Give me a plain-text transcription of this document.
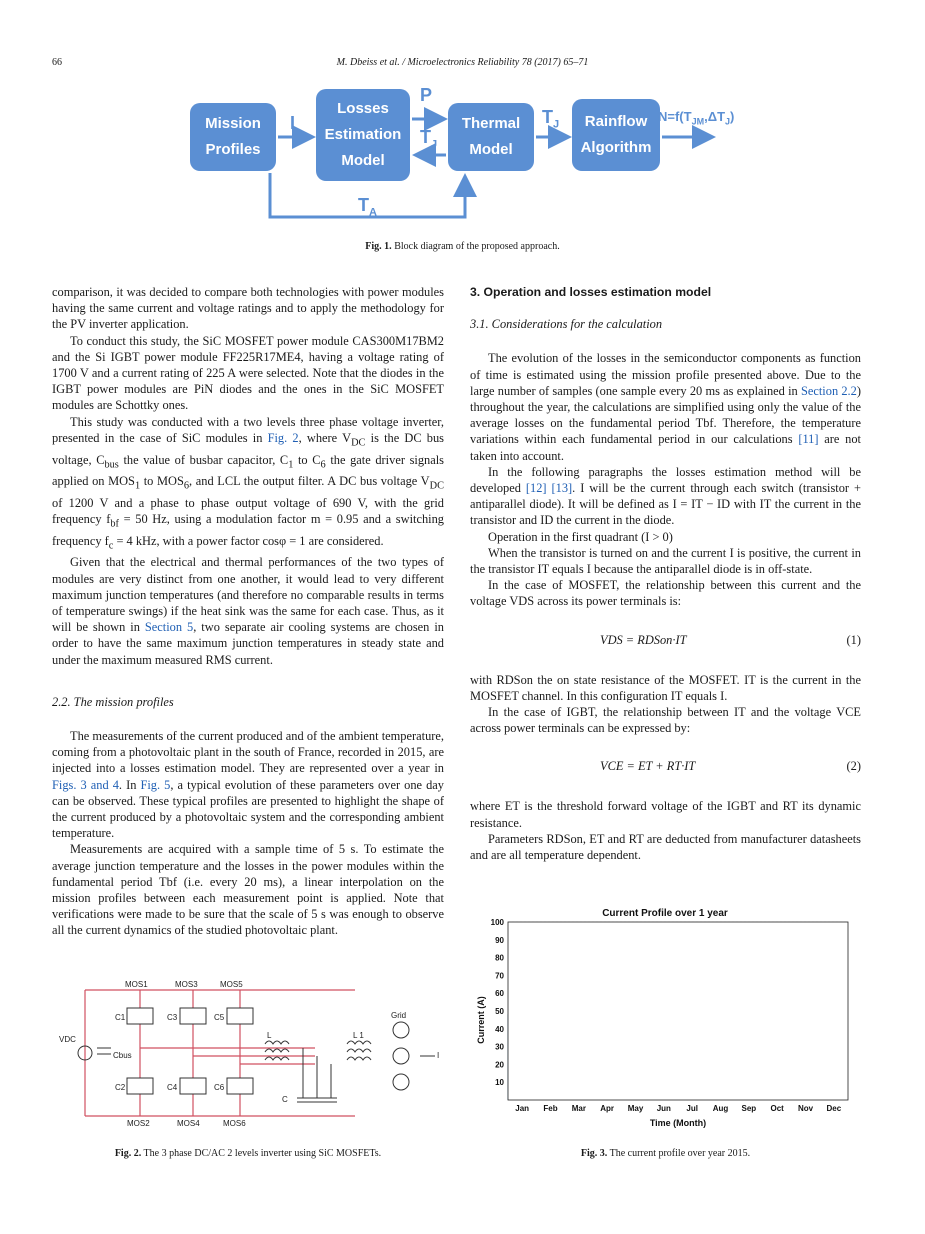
66	M. Dbeiss et al. / Microelectronics Reliability 78 (2017) 65–71
Mission Profiles
Losses Estimation Model
Thermal Model
Rainflow Algorithm
I
P
$T_J$
$T_J$
$T_A$
$N=f(T_{JM},\Delta T_J)$
Fig. 1. Block diagram of the proposed approach.

comparison, it was decided to compare both technologies with power modules having the same current and voltage ratings and to apply the methodology for the PV inverter application.

To conduct this study, the SiC MOSFET power module CAS300M17BM2 and the Si IGBT power module FF225R17ME4, having a voltage rating of 1700 V and a current rating of 225 A were selected. Note that the diodes in the IGBT power modules are PiN diodes and the ones in the SiC MOSFET modules are Schottky ones.

This study was conducted with a two levels three phase voltage inverter, presented in the case of SiC modules in Fig. 2, where $V_{DC}$ is the DC bus voltage, $C_{bus}$ the value of busbar capacitor, $C_1$ to $C_6$ the gate driver signals applied on $MOS_1$ to $MOS_6$, and LCL the output filter. A DC bus voltage $V_{DC}$ of 1200 V and a phase to phase output voltage of 690 V, with the grid frequency $f_{bf} = 50$ Hz, using a modulation factor m = 0.95 and a switching frequency $f_c = 4$ kHz, with a power factor cosφ = 1 are considered.

Given that the electrical and thermal performances of the two types of modules are very distinct from one another, it would lead to very different maximum junction temperatures (and therefore no comparable results in terms of temperature swings) if the heat sink was the same for each case. Thus, as it will be shown in Section 5, two separate air cooling systems are chosen in order to have the same maximum junction temperatures in steady state and under the maximum measured RMS current.

2.2. The mission profiles

The measurements of the current produced and of the ambient temperature, coming from a photovoltaic plant in the south of France, recorded in 2015, are injected into a losses estimation model. They are represented over a year in Figs. 3 and 4. In Fig. 5, a typical evolution of these parameters over one day can be observed. These typical profiles are presented to highlight the shape of the current produced by a photovoltaic system and the corresponding ambient temperature.

Measurements are acquired with a sample time of 5 s. To estimate the average junction temperature and the losses in the power modules within the fundamental period Tbf (i.e. every 20 ms), a linear interpolation on the mission profiles between each measurement point is applied. Note that verifications were made to be sure that the scale of 5 s was enough to observe all the current dynamics of the studied photovoltaic plant.

MOS1	MOS3	MOS5
MOS2	MOS4	MOS6
C1	C3	C5
C2	C4	C6
VDC
Cbus
L	L 1
C
Grid
I
Fig. 2. The 3 phase DC/AC 2 levels inverter using SiC MOSFETs.

3. Operation and losses estimation model

3.1. Considerations for the calculation

The evolution of the losses in the semiconductor components as function of time is estimated using the mission profile presented above. Due to the large number of samples (one sample every 20 ms as explained in Section 2.2) throughout the year, the calculations are simplified using only the value of the average losses on the fundamental period Tbf. Therefore, the temperature variations within each fundamental period in our calculations [11] are not taken into account.

In the following paragraphs the losses estimation method will be developed [12] [13]. I will be the current through each switch (transistor + antiparallel diode). It will be defined as I = IT − ID with IT the current in the transistor and ID the current in the diode.

Operation in the first quadrant (I > 0)

When the transistor is turned on and the current I is positive, the current in the transistor IT equals I because the antiparallel diode is in off-state.

In the case of MOSFET, the relationship between this current and the voltage VDS across its power terminals is:

VDS = RDSon·IT	(1)

with RDSon the on state resistance of the MOSFET. IT is the current in the MOSFET channel. In this configuration IT equals I.

In the case of IGBT, the relationship between IT and the voltage VCE across power terminals can be expressed by:

VCE = ET + RT·IT	(2)

where ET is the threshold forward voltage of the IGBT and RT its dynamic resistance.

Parameters RDSon, ET and RT are deducted from manufacturer datasheets and are all temperature dependent.

Current Profile over 1 year
Time (Month)
Current (A)
10
20
30
40
50
60
70
80
90
100
Jan Feb Mar Apr May Jun Jul Aug Sep Oct Nov Dec
Fig. 3. The current profile over year 2015.
